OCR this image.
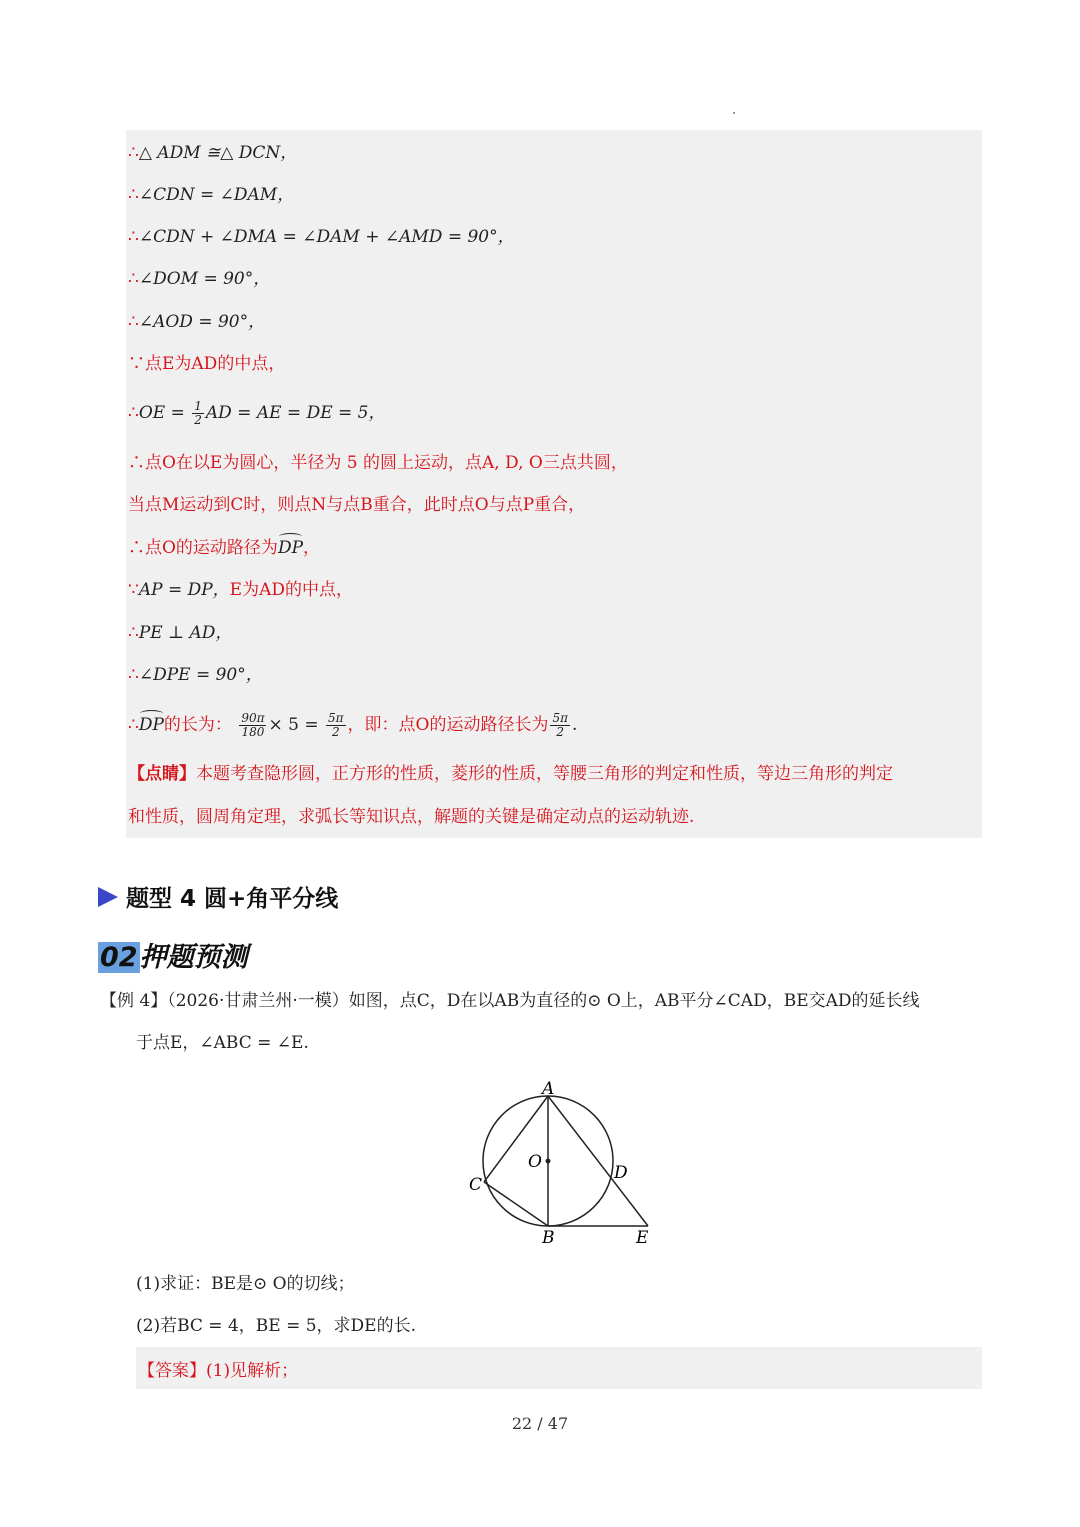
∴△ ADM ≅△ DCN，
∴∠CDN = ∠DAM，
∴∠CDN + ∠DMA = ∠DAM + ∠AMD = 90°，
∴∠DOM = 90°，
∴∠AOD = 90°，
∵点E为AD的中点，
∴OE = $\frac{1}{2}$ AD = AE = DE = 5，
∴点O在以E为圆心，半径为 5 的圆上运动，点A, D, O三点共圆，
当点M运动到C时，则点N与点B重合，此时点O与点P重合，
∴点O的运动路径为DP，
∵AP = DP，E为AD的中点，
∴PE ⊥ AD，
∴∠DPE = 90°，
∴DP的长为： $\frac{90\pi}{180} \times 5 = \frac{5\pi}{2}$ ，即：点O的运动路径长为 $\frac{5\pi}{2}$ .
【点睛】本题考查隐形圆，正方形的性质，菱形的性质，等腰三角形的判定和性质，等边三角形的判定
和性质，圆周角定理，求弧长等知识点，解题的关键是确定动点的运动轨迹.
题型 4 圆+角平分线
02押题预测
【例 4】（2026·甘肃兰州·一模）如图，点C，D在以AB为直径的⊙ O上，AB平分∠CAD，BE交AD的延长线
于点E，∠ABC = ∠E.
A
O
C
D
B	E
(1)求证：BE是⊙ O的切线；
(2)若BC = 4，BE = 5，求DE的长.
【答案】(1)见解析；
22 / 47
